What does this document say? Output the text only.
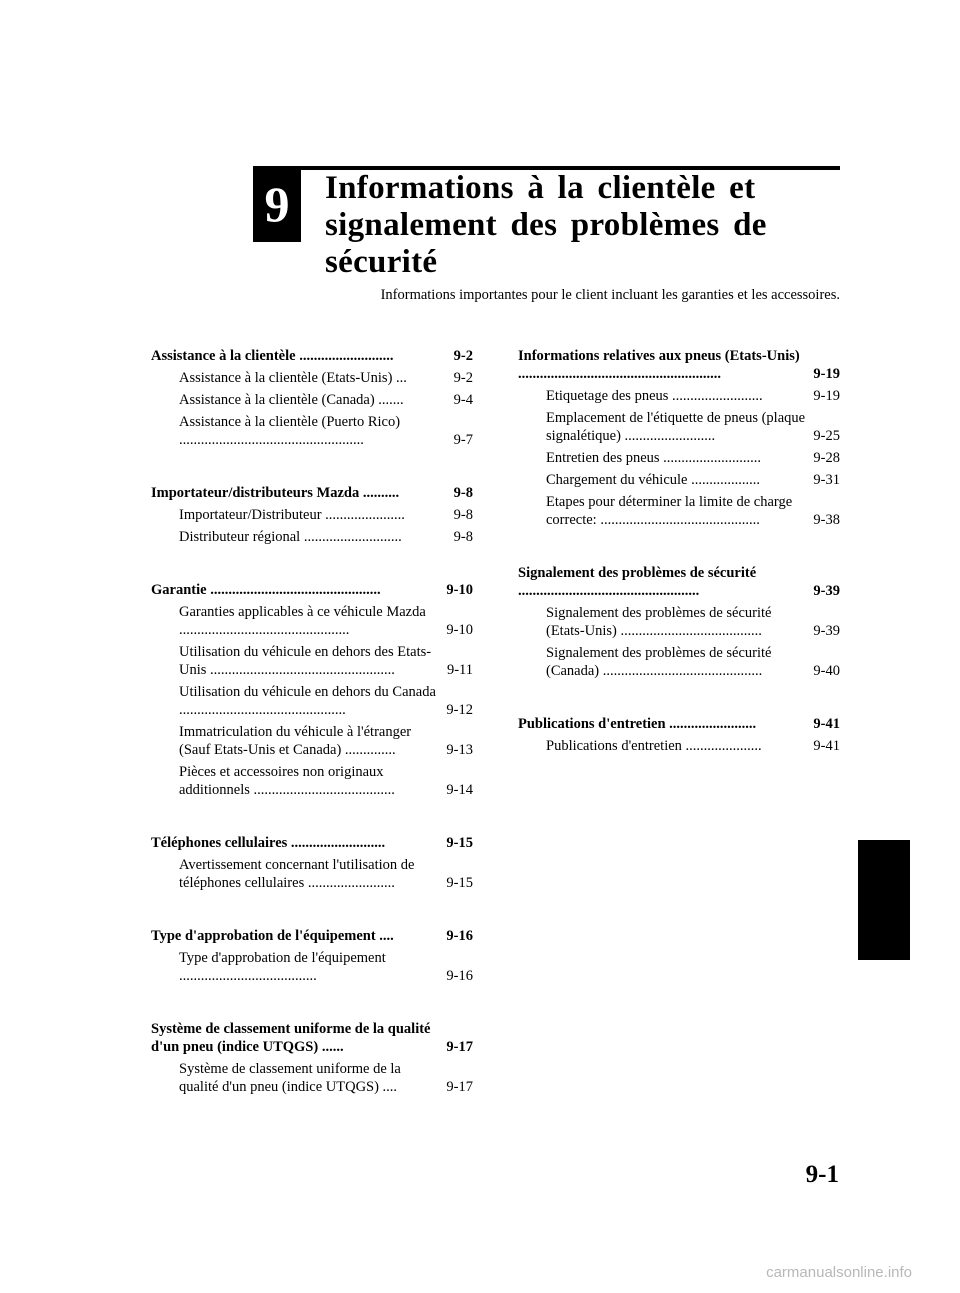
9	Informations à la clientèle et
signalement des problèmes de sécurité
Informations importantes pour le client incluant les garanties et les accessoires.
Assistance à la clientèle ..........................	9-2
Assistance à la clientèle (Etats-Unis) ...	9-2
Assistance à la clientèle (Canada) .......	9-4
Assistance à la clientèle (Puerto Rico) ...................................................	9-7
Importateur/distributeurs Mazda ..........	9-8
Importateur/Distributeur ......................	9-8
Distributeur régional ...........................	9-8
Garantie ...............................................	9-10
Garanties applicables à ce véhicule Mazda ...............................................	9-10
Utilisation du véhicule en dehors des Etats-Unis ...................................................	9-11
Utilisation du véhicule en dehors du Canada ..............................................	9-12
Immatriculation du véhicule à l'étranger (Sauf Etats-Unis et Canada) ..............	9-13
Pièces et accessoires non originaux additionnels .......................................	9-14
Téléphones cellulaires ..........................	9-15
Avertissement concernant l'utilisation de téléphones cellulaires ........................	9-15
Type d'approbation de l'équipement ....	9-16
Type d'approbation de l'équipement ......................................	9-16
Système de classement uniforme de la qualité d'un pneu (indice UTQGS) ......	9-17
Système de classement uniforme de la qualité d'un pneu (indice UTQGS) ....	9-17
Informations relatives aux pneus (Etats-Unis) ........................................................	9-19
Etiquetage des pneus .........................	9-19
Emplacement de l'étiquette de pneus (plaque signalétique) .........................	9-25
Entretien des pneus ...........................	9-28
Chargement du véhicule ...................	9-31
Etapes pour déterminer la limite de charge correcte: ............................................	9-38
Signalement des problèmes de sécurité ..................................................	9-39
Signalement des problèmes de sécurité (Etats-Unis) .......................................	9-39
Signalement des problèmes de sécurité (Canada) ............................................	9-40
Publications d'entretien ........................	9-41
Publications d'entretien .....................	9-41
9-1
carmanualsonline.info
